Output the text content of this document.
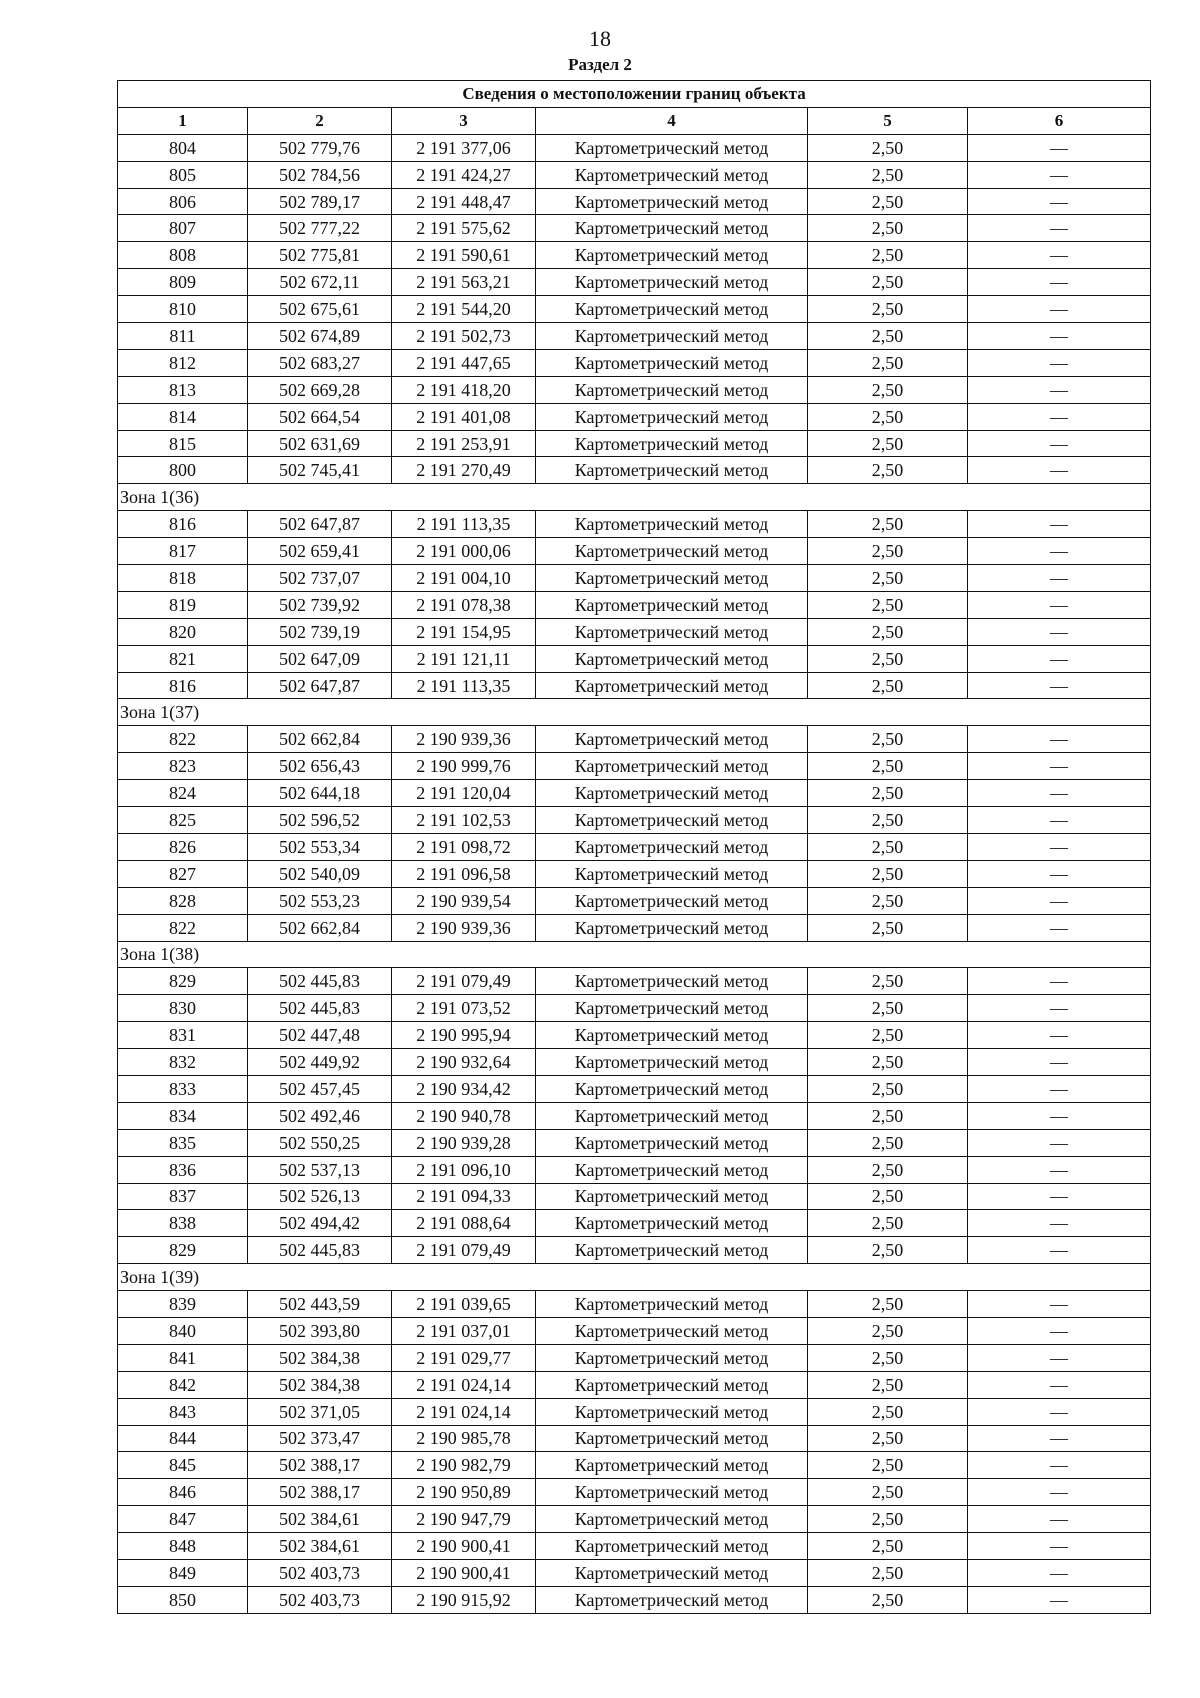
18
Раздел 2
Сведения о местоположении границ объекта					
1	2	3	4	5	6
804	502 779,76	2 191 377,06	Картометрический метод	2,50	—
805	502 784,56	2 191 424,27	Картометрический метод	2,50	—
806	502 789,17	2 191 448,47	Картометрический метод	2,50	—
807	502 777,22	2 191 575,62	Картометрический метод	2,50	—
808	502 775,81	2 191 590,61	Картометрический метод	2,50	—
809	502 672,11	2 191 563,21	Картометрический метод	2,50	—
810	502 675,61	2 191 544,20	Картометрический метод	2,50	—
811	502 674,89	2 191 502,73	Картометрический метод	2,50	—
812	502 683,27	2 191 447,65	Картометрический метод	2,50	—
813	502 669,28	2 191 418,20	Картометрический метод	2,50	—
814	502 664,54	2 191 401,08	Картометрический метод	2,50	—
815	502 631,69	2 191 253,91	Картометрический метод	2,50	—
800	502 745,41	2 191 270,49	Картометрический метод	2,50	—
Зона 1(36)					
816	502 647,87	2 191 113,35	Картометрический метод	2,50	—
817	502 659,41	2 191 000,06	Картометрический метод	2,50	—
818	502 737,07	2 191 004,10	Картометрический метод	2,50	—
819	502 739,92	2 191 078,38	Картометрический метод	2,50	—
820	502 739,19	2 191 154,95	Картометрический метод	2,50	—
821	502 647,09	2 191 121,11	Картометрический метод	2,50	—
816	502 647,87	2 191 113,35	Картометрический метод	2,50	—
Зона 1(37)					
822	502 662,84	2 190 939,36	Картометрический метод	2,50	—
823	502 656,43	2 190 999,76	Картометрический метод	2,50	—
824	502 644,18	2 191 120,04	Картометрический метод	2,50	—
825	502 596,52	2 191 102,53	Картометрический метод	2,50	—
826	502 553,34	2 191 098,72	Картометрический метод	2,50	—
827	502 540,09	2 191 096,58	Картометрический метод	2,50	—
828	502 553,23	2 190 939,54	Картометрический метод	2,50	—
822	502 662,84	2 190 939,36	Картометрический метод	2,50	—
Зона 1(38)					
829	502 445,83	2 191 079,49	Картометрический метод	2,50	—
830	502 445,83	2 191 073,52	Картометрический метод	2,50	—
831	502 447,48	2 190 995,94	Картометрический метод	2,50	—
832	502 449,92	2 190 932,64	Картометрический метод	2,50	—
833	502 457,45	2 190 934,42	Картометрический метод	2,50	—
834	502 492,46	2 190 940,78	Картометрический метод	2,50	—
835	502 550,25	2 190 939,28	Картометрический метод	2,50	—
836	502 537,13	2 191 096,10	Картометрический метод	2,50	—
837	502 526,13	2 191 094,33	Картометрический метод	2,50	—
838	502 494,42	2 191 088,64	Картометрический метод	2,50	—
829	502 445,83	2 191 079,49	Картометрический метод	2,50	—
Зона 1(39)					
839	502 443,59	2 191 039,65	Картометрический метод	2,50	—
840	502 393,80	2 191 037,01	Картометрический метод	2,50	—
841	502 384,38	2 191 029,77	Картометрический метод	2,50	—
842	502 384,38	2 191 024,14	Картометрический метод	2,50	—
843	502 371,05	2 191 024,14	Картометрический метод	2,50	—
844	502 373,47	2 190 985,78	Картометрический метод	2,50	—
845	502 388,17	2 190 982,79	Картометрический метод	2,50	—
846	502 388,17	2 190 950,89	Картометрический метод	2,50	—
847	502 384,61	2 190 947,79	Картометрический метод	2,50	—
848	502 384,61	2 190 900,41	Картометрический метод	2,50	—
849	502 403,73	2 190 900,41	Картометрический метод	2,50	—
850	502 403,73	2 190 915,92	Картометрический метод	2,50	—
